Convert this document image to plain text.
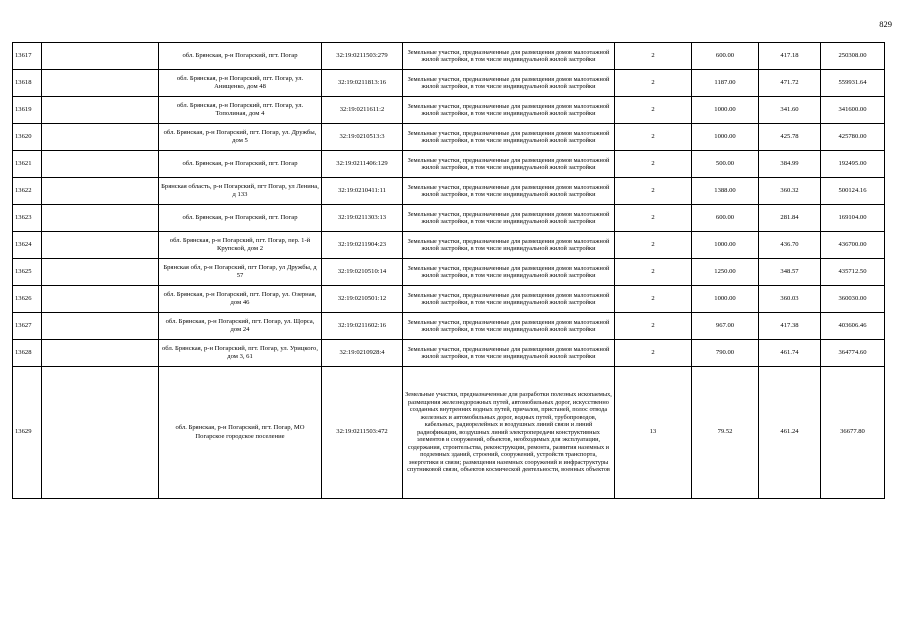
829
13617		обл. Брянская, р-н Погарский, пгт. Погар	32:19:0211503:279	Земельные участки, предназначенные для размещения домов малоэтажной жилой застройки, в том числе индивидуальной жилой застройки	2	600.00	417.18	250308.00
13618		обл. Брянская, р-н Погарский, пгт. Погар, ул. Анищенко, дом 48	32:19:0211813:16	Земельные участки, предназначенные для размещения домов малоэтажной жилой застройки, в том числе индивидуальной жилой застройки	2	1187.00	471.72	559931.64
13619		обл. Брянская, р-н Погарский, пгт. Погар, ул. Тополиная, дом 4	32:19:0211611:2	Земельные участки, предназначенные для размещения домов малоэтажной жилой застройки, в том числе индивидуальной жилой застройки	2	1000.00	341.60	341600.00
13620		обл. Брянская, р-н Погарский, пгт. Погар, ул. Дружбы, дом 5	32:19:0210513:3	Земельные участки, предназначенные для размещения домов малоэтажной жилой застройки, в том числе индивидуальной жилой застройки	2	1000.00	425.78	425780.00
13621		обл. Брянская, р-н Погарский, пгт. Погар	32:19:0211406:129	Земельные участки, предназначенные для размещения домов малоэтажной жилой застройки, в том числе индивидуальной жилой застройки	2	500.00	384.99	192495.00
13622		Брянская область, р-н Погарский, пгт Погар, ул Ленина, д 133	32:19:0210411:11	Земельные участки, предназначенные для размещения домов малоэтажной жилой застройки, в том числе индивидуальной жилой застройки	2	1388.00	360.32	500124.16
13623		обл. Брянская, р-н Погарский, пгт. Погар	32:19:0211303:13	Земельные участки, предназначенные для размещения домов малоэтажной жилой застройки, в том числе индивидуальной жилой застройки	2	600.00	281.84	169104.00
13624		обл. Брянская, р-н Погарский, пгт. Погар, пер. 1-й Крупской, дом 2	32:19:0211904:23	Земельные участки, предназначенные для размещения домов малоэтажной жилой застройки, в том числе индивидуальной жилой застройки	2	1000.00	436.70	436700.00
13625		Брянская обл, р-н Погарский, пгт Погар, ул Дружбы, д 57	32:19:0210510:14	Земельные участки, предназначенные для размещения домов малоэтажной жилой застройки, в том числе индивидуальной жилой застройки	2	1250.00	348.57	435712.50
13626		обл. Брянская, р-н Погарский, пгт. Погар, ул. Озерная, дом 46	32:19:0210501:12	Земельные участки, предназначенные для размещения домов малоэтажной жилой застройки, в том числе индивидуальной жилой застройки	2	1000.00	360.03	360030.00
13627		обл. Брянская, р-н Погарский, пгт. Погар, ул. Щорса, дом 24	32:19:0211602:16	Земельные участки, предназначенные для размещения домов малоэтажной жилой застройки, в том числе индивидуальной жилой застройки	2	967.00	417.38	403606.46
13628		обл. Брянская, р-н Погарский, пгт. Погар, ул. Урицкого, дом 3, 61	32:19:0210928:4	Земельные участки, предназначенные для размещения домов малоэтажной жилой застройки, в том числе индивидуальной жилой застройки	2	790.00	461.74	364774.60
13629		обл. Брянская, р-н Погарский, пгт. Погар, МО Погарское городское поселение	32:19:0211503:472	Земельные участки, предназначенные для разработки полезных ископаемых, размещения железнодорожных путей, автомобильных дорог, искусственно созданных внутренних водных путей, причалов, пристаней, полос отвода железных и автомобильных дорог, водных путей, трубопроводов, кабельных, радиорелейных и воздушных линий связи и линий радиофикации, воздушных линий электропередачи конструктивных элементов и сооружений, объектов, необходимых для эксплуатации, содержания, строительства, реконструкции, ремонта, развития наземных и подземных зданий, строений, сооружений, устройств транспорта, энергетики и связи; размещения наземных сооружений и инфраструктуры спутниковой связи, объектов космической деятельности, военных объектов	13	79.52	461.24	36677.80
